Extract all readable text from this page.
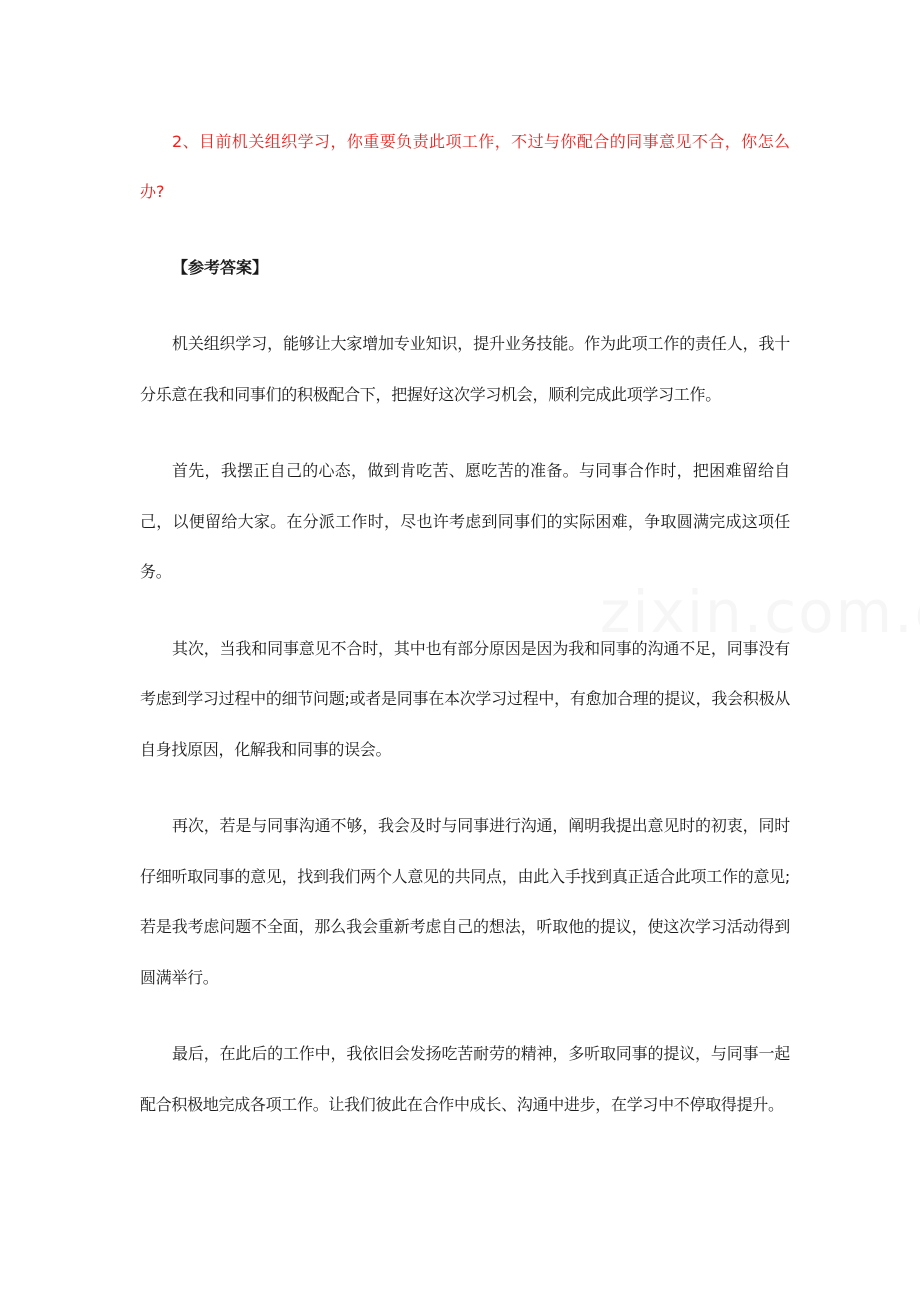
2、目前机关组织学习，你重要负责此项工作，不过与你配合的同事意见不合，你怎么办?

【参考答案】

机关组织学习，能够让大家增加专业知识，提升业务技能。作为此项工作的责任人，我十分乐意在我和同事们的积极配合下，把握好这次学习机会，顺利完成此项学习工作。

首先，我摆正自己的心态，做到肯吃苦、愿吃苦的准备。与同事合作时，把困难留给自己，以便留给大家。在分派工作时，尽也许考虑到同事们的实际困难，争取圆满完成这项任务。

其次，当我和同事意见不合时，其中也有部分原因是因为我和同事的沟通不足，同事没有考虑到学习过程中的细节问题;或者是同事在本次学习过程中，有愈加合理的提议，我会积极从自身找原因，化解我和同事的误会。

再次，若是与同事沟通不够，我会及时与同事进行沟通，阐明我提出意见时的初衷，同时仔细听取同事的意见，找到我们两个人意见的共同点，由此入手找到真正适合此项工作的意见;若是我考虑问题不全面，那么我会重新考虑自己的想法，听取他的提议，使这次学习活动得到圆满举行。

最后，在此后的工作中，我依旧会发扬吃苦耐劳的精神，多听取同事的提议，与同事一起配合积极地完成各项工作。让我们彼此在合作中成长、沟通中进步，在学习中不停取得提升。
